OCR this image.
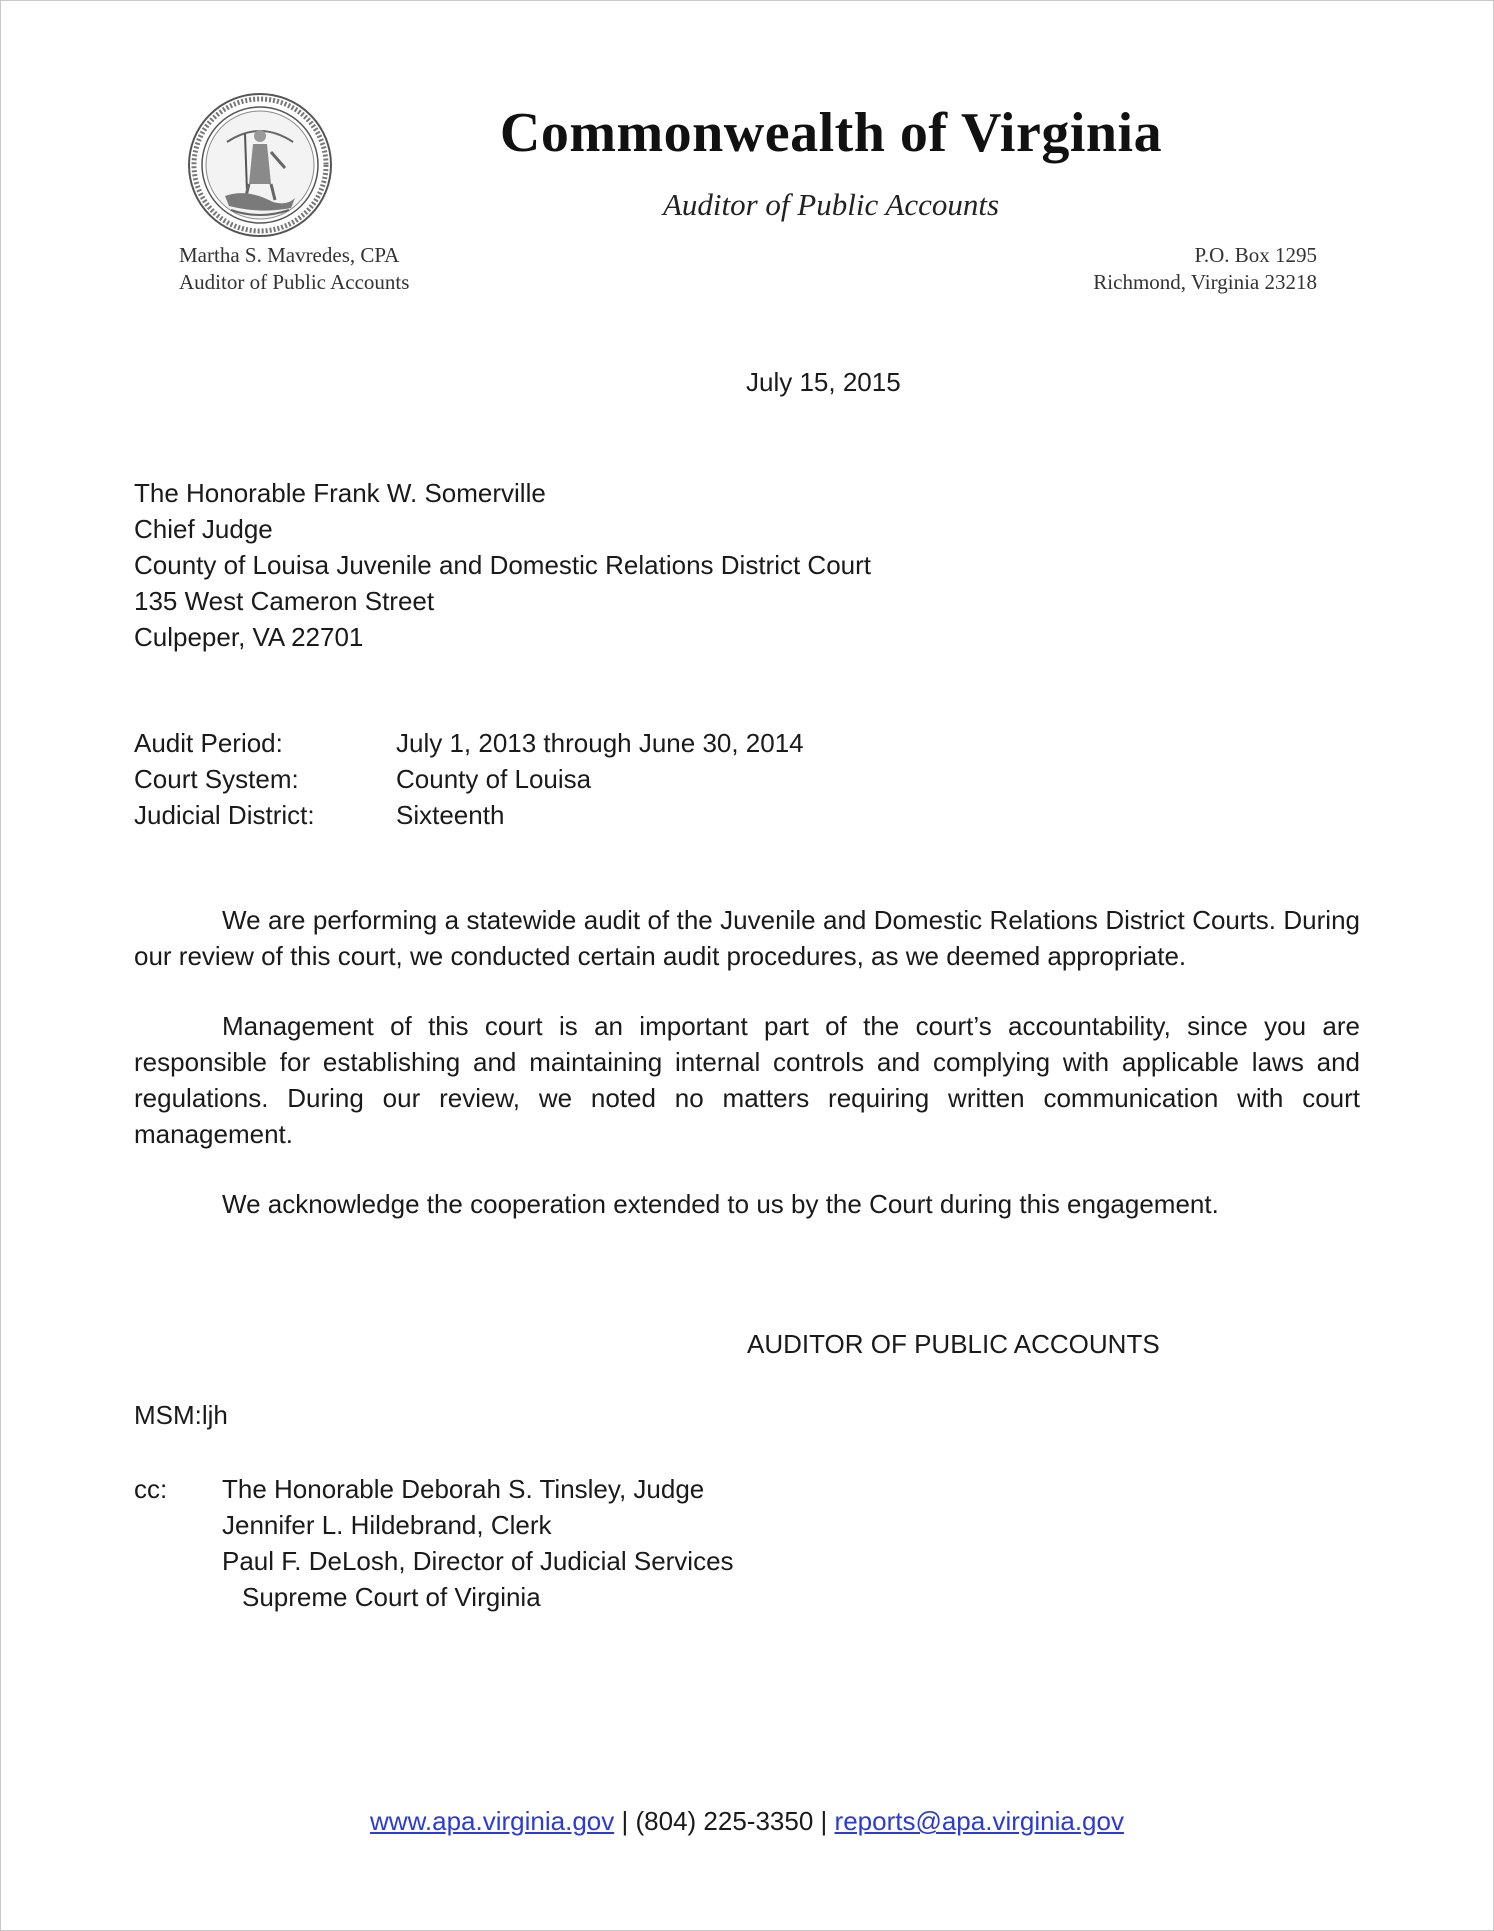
Commonwealth of Virginia
Auditor of Public Accounts
Martha S. Mavredes, CPA
Auditor of Public Accounts
P.O. Box 1295
Richmond, Virginia 23218
July 15, 2015
The Honorable Frank W. Somerville
Chief Judge
County of Louisa Juvenile and Domestic Relations District Court
135 West Cameron Street
Culpeper, VA 22701
Audit Period:	July 1, 2013 through June 30, 2014
Court System:	County of Louisa
Judicial District:	Sixteenth
We are performing a statewide audit of the Juvenile and Domestic Relations District Courts. During our review of this court, we conducted certain audit procedures, as we deemed appropriate.
Management of this court is an important part of the court’s accountability, since you are responsible for establishing and maintaining internal controls and complying with applicable laws and regulations. During our review, we noted no matters requiring written communication with court management.
We acknowledge the cooperation extended to us by the Court during this engagement.
AUDITOR OF PUBLIC ACCOUNTS
MSM:ljh
cc:	The Honorable Deborah S. Tinsley, Judge
Jennifer L. Hildebrand, Clerk
Paul F. DeLosh, Director of Judicial Services
Supreme Court of Virginia
www.apa.virginia.gov | (804) 225-3350 | reports@apa.virginia.gov
